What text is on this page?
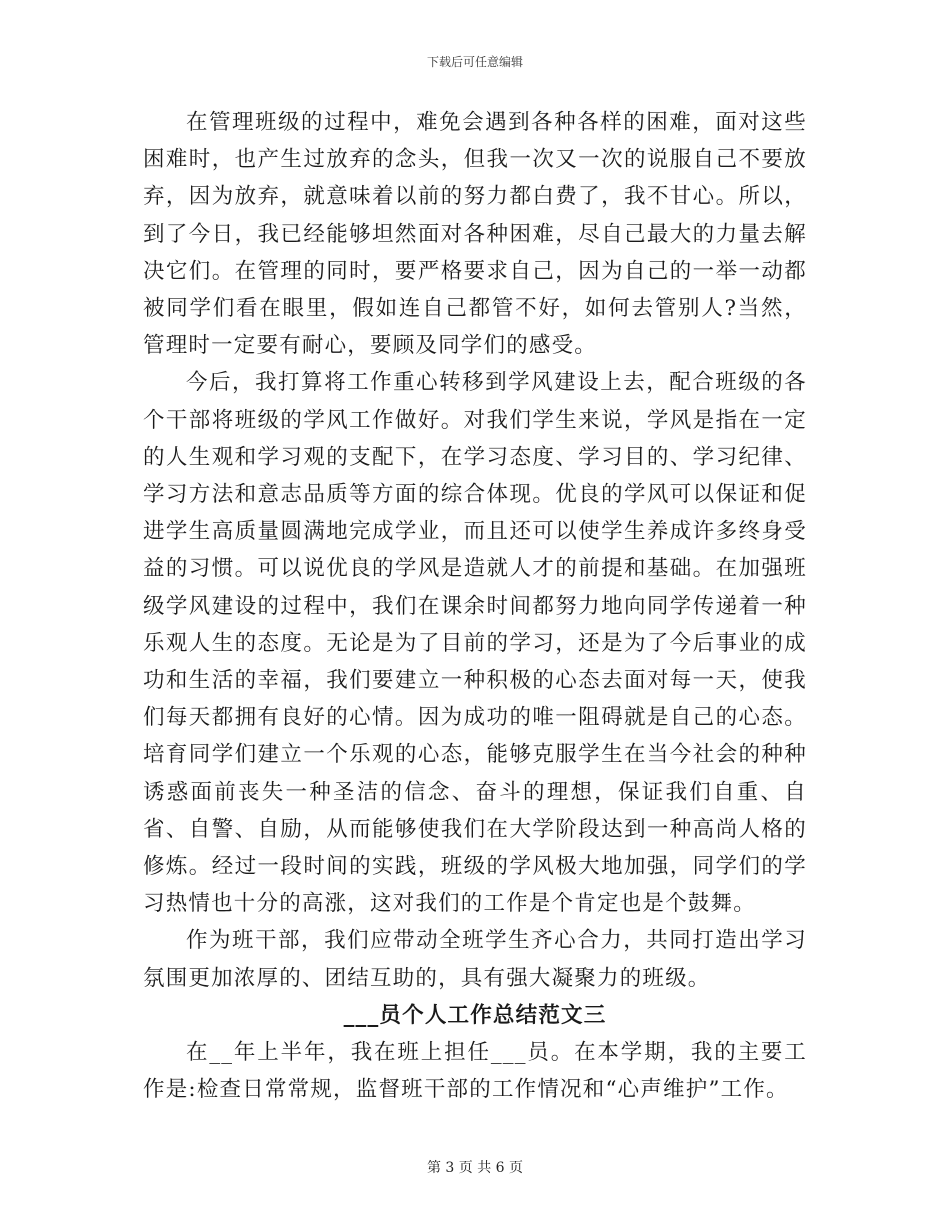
下载后可任意编辑

在管理班级的过程中，难免会遇到各种各样的困难，面对这些困难时，也产生过放弃的念头，但我一次又一次的说服自己不要放弃，因为放弃，就意味着以前的努力都白费了，我不甘心。所以，到了今日，我已经能够坦然面对各种困难，尽自己最大的力量去解决它们。在管理的同时，要严格要求自己，因为自己的一举一动都被同学们看在眼里，假如连自己都管不好，如何去管别人?当然，管理时一定要有耐心，要顾及同学们的感受。

今后，我打算将工作重心转移到学风建设上去，配合班级的各个干部将班级的学风工作做好。对我们学生来说，学风是指在一定的人生观和学习观的支配下，在学习态度、学习目的、学习纪律、学习方法和意志品质等方面的综合体现。优良的学风可以保证和促进学生高质量圆满地完成学业，而且还可以使学生养成许多终身受益的习惯。可以说优良的学风是造就人才的前提和基础。在加强班级学风建设的过程中，我们在课余时间都努力地向同学传递着一种乐观人生的态度。无论是为了目前的学习，还是为了今后事业的成功和生活的幸福，我们要建立一种积极的心态去面对每一天，使我们每天都拥有良好的心情。因为成功的唯一阻碍就是自己的心态。培育同学们建立一个乐观的心态，能够克服学生在当今社会的种种诱惑面前丧失一种圣洁的信念、奋斗的理想，保证我们自重、自省、自警、自励，从而能够使我们在大学阶段达到一种高尚人格的修炼。经过一段时间的实践，班级的学风极大地加强，同学们的学习热情也十分的高涨，这对我们的工作是个肯定也是个鼓舞。

作为班干部，我们应带动全班学生齐心合力，共同打造出学习氛围更加浓厚的、团结互助的，具有强大凝聚力的班级。

___员个人工作总结范文三

在__年上半年，我在班上担任___员。在本学期，我的主要工作是:检查日常常规，监督班干部的工作情况和“心声维护”工作。

第 3 页 共 6 页
